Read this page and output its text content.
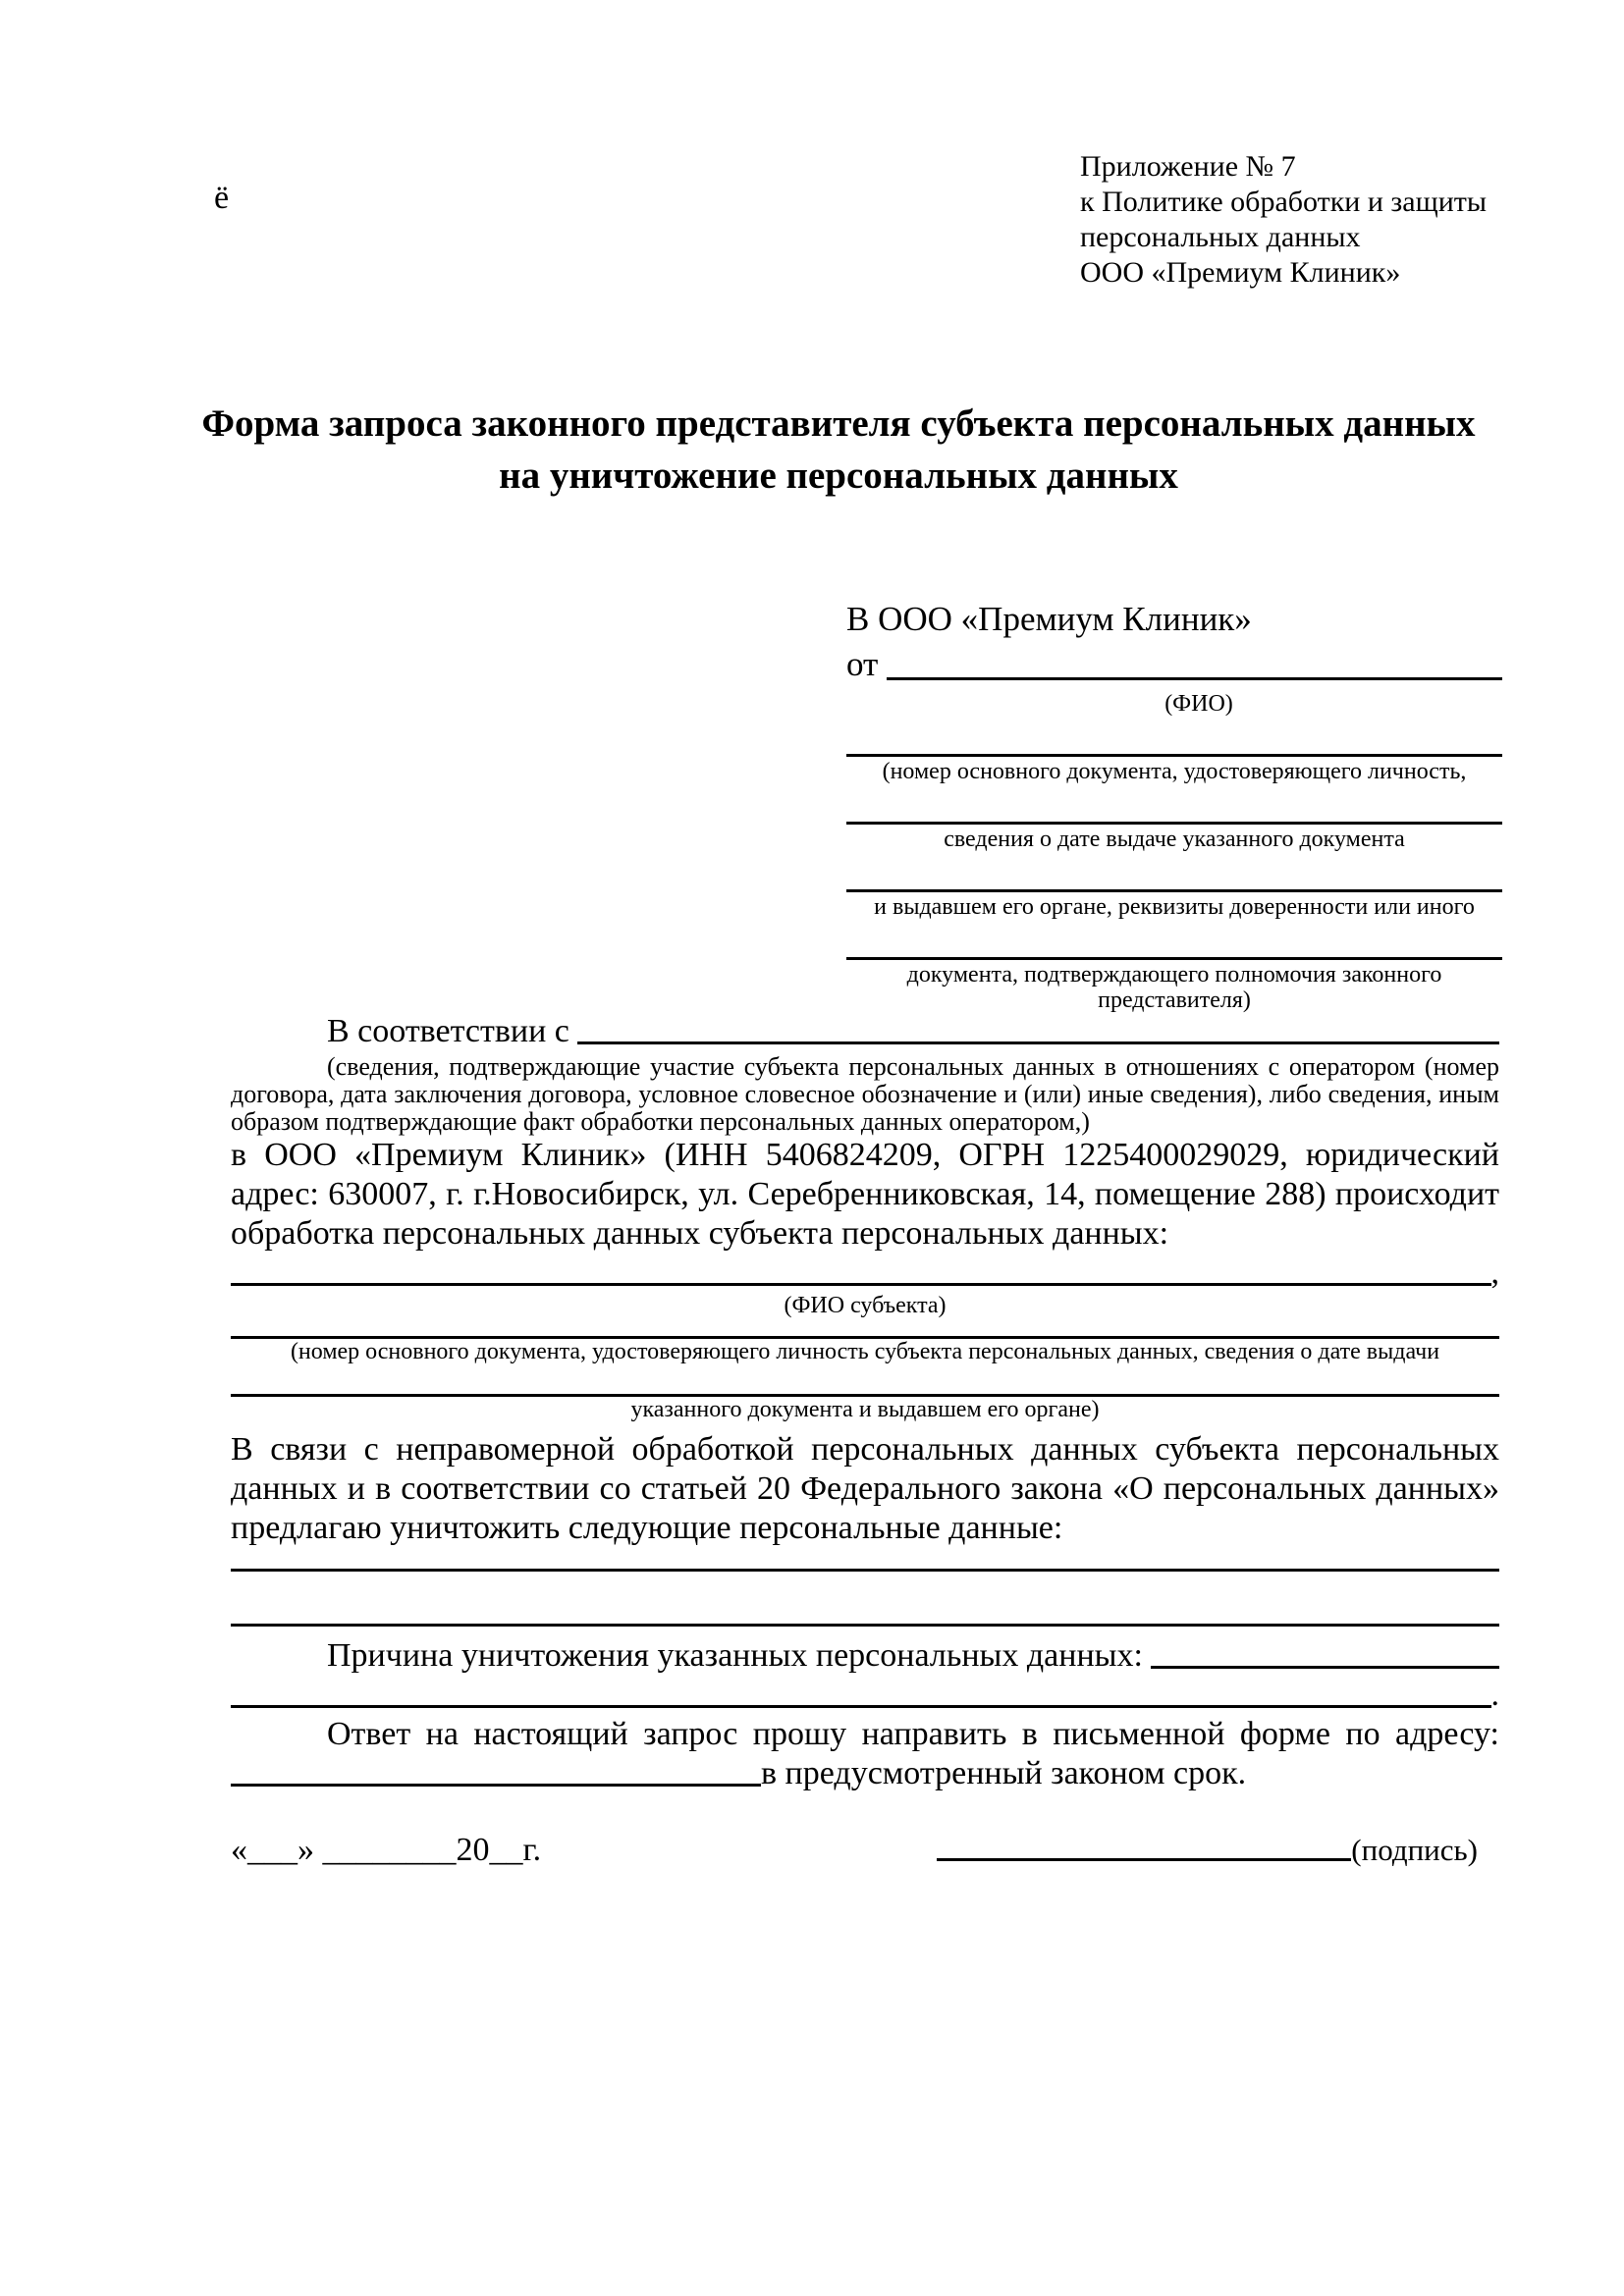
ё
Приложение № 7
к Политике обработки и защиты
персональных данных
ООО «Премиум Клиник»
Форма запроса законного представителя субъекта персональных данных
на уничтожение персональных данных
В ООО «Премиум Клиник»
от

(ФИО)
(номер основного документа, удостоверяющего личность,
сведения о дате выдаче указанного документа
и выдавшем его органе, реквизиты доверенности или иного
документа, подтверждающего полномочия законного представителя)
В соответствии с

(сведения, подтверждающие участие субъекта персональных данных в отношениях с оператором (номер договора, дата заключения договора, условное словесное обозначение и (или) иные сведения), либо сведения, иным образом подтверждающие факт обработки персональных данных оператором,)
в ООО «Премиум Клиник» (ИНН 5406824209, ОГРН 1225400029029, юридический адрес: 630007, г. г.Новосибирск, ул. Серебренниковская, 14, помещение 288) происходит обработка персональных данных субъекта персональных данных:
,
(ФИО субъекта)
(номер основного документа, удостоверяющего личность субъекта персональных данных, сведения о дате выдачи
указанного документа и выдавшем его органе)
В связи с неправомерной обработкой персональных данных субъекта персональных данных и в соответствии со статьей 20 Федерального закона «О персональных данных» предлагаю уничтожить следующие персональные данные:
Причина уничтожения указанных персональных данных:

.
Ответ на настоящий запрос прошу направить в письменной форме по адресу:
в предусмотренный законом срок.
«___» ________20__г.	(подпись)
